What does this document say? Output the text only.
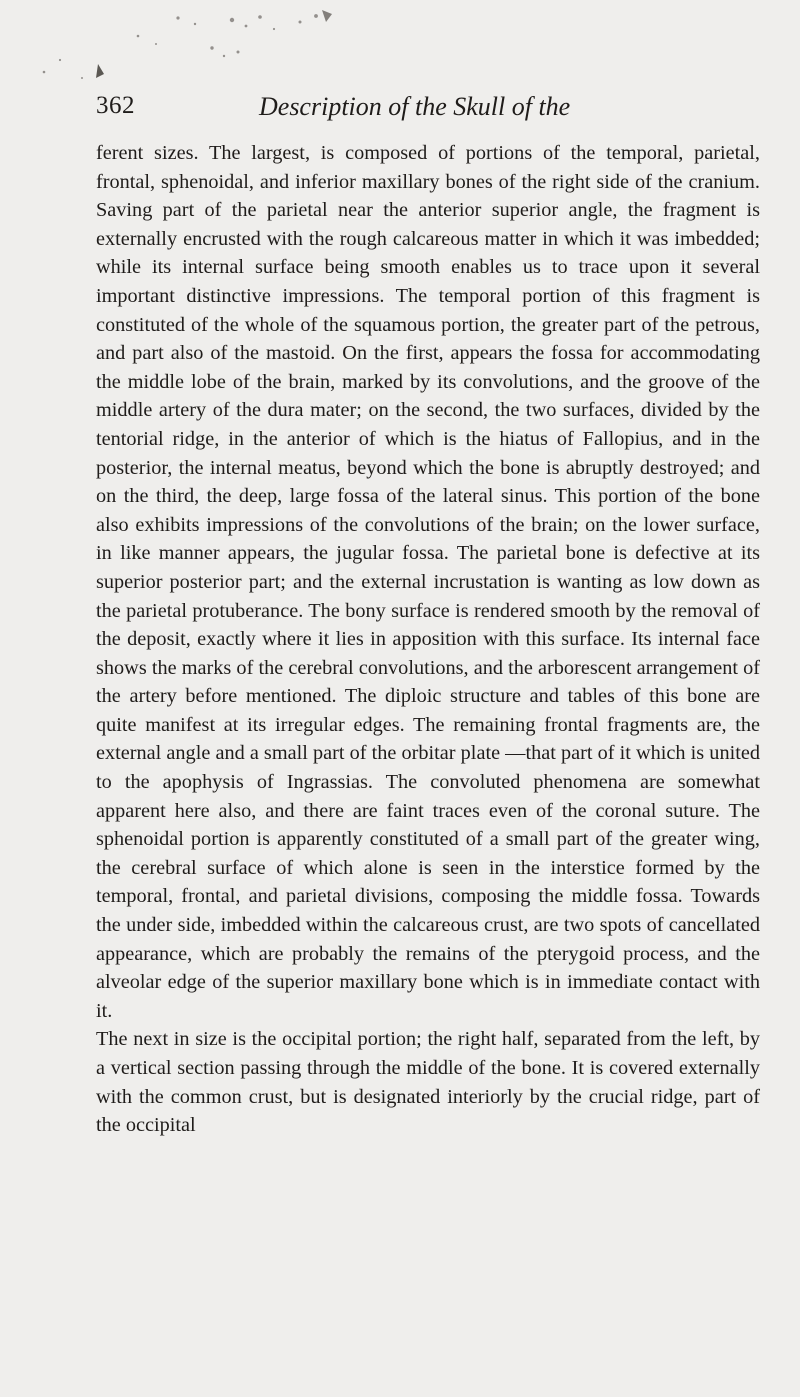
362	Description of the Skull of the

ferent sizes. The largest, is composed of portions of the temporal, parietal, frontal, sphenoidal, and inferior maxillary bones of the right side of the cranium. Saving part of the parietal near the anterior superior angle, the fragment is externally encrusted with the rough calcareous matter in which it was imbedded; while its internal surface being smooth enables us to trace upon it several important distinctive impressions. The temporal portion of this fragment is constituted of the whole of the squamous portion, the greater part of the petrous, and part also of the mastoid. On the first, appears the fossa for accommodating the middle lobe of the brain, marked by its convolutions, and the groove of the middle artery of the dura mater; on the second, the two surfaces, divided by the tentorial ridge, in the anterior of which is the hiatus of Fallopius, and in the posterior, the internal meatus, beyond which the bone is abruptly destroyed; and on the third, the deep, large fossa of the lateral sinus. This portion of the bone also exhibits impressions of the convolutions of the brain; on the lower surface, in like manner appears, the jugular fossa. The parietal bone is defective at its superior posterior part; and the external incrustation is wanting as low down as the parietal protuberance. The bony surface is rendered smooth by the removal of the deposit, exactly where it lies in apposition with this surface. Its internal face shows the marks of the cerebral convolutions, and the arborescent arrangement of the artery before mentioned. The diploic structure and tables of this bone are quite manifest at its irregular edges. The remaining frontal fragments are, the external angle and a small part of the orbitar plate —that part of it which is united to the apophysis of Ingrassias. The convoluted phenomena are somewhat apparent here also, and there are faint traces even of the coronal suture. The sphenoidal portion is apparently constituted of a small part of the greater wing, the cerebral surface of which alone is seen in the interstice formed by the temporal, frontal, and parietal divisions, composing the middle fossa. Towards the under side, imbedded within the calcareous crust, are two spots of cancellated appearance, which are probably the remains of the pterygoid process, and the alveolar edge of the superior maxillary bone which is in immediate contact with it.

The next in size is the occipital portion; the right half, separated from the left, by a vertical section passing through the middle of the bone. It is covered externally with the common crust, but is designated interiorly by the crucial ridge, part of the occipital
